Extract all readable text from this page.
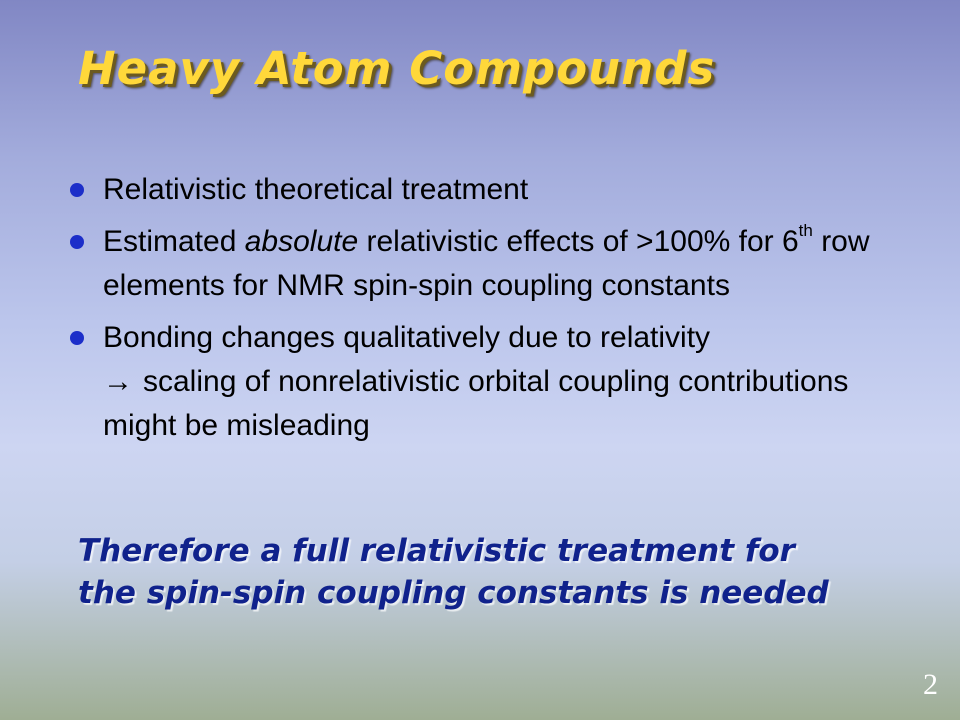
Heavy Atom Compounds
Relativistic theoretical treatment
Estimated absolute relativistic effects of >100% for 6th row elements for NMR spin-spin coupling constants
Bonding changes qualitatively due to relativity
→ scaling of nonrelativistic orbital coupling contributions might be misleading

Therefore a full relativistic treatment for the spin-spin coupling constants is needed

2
